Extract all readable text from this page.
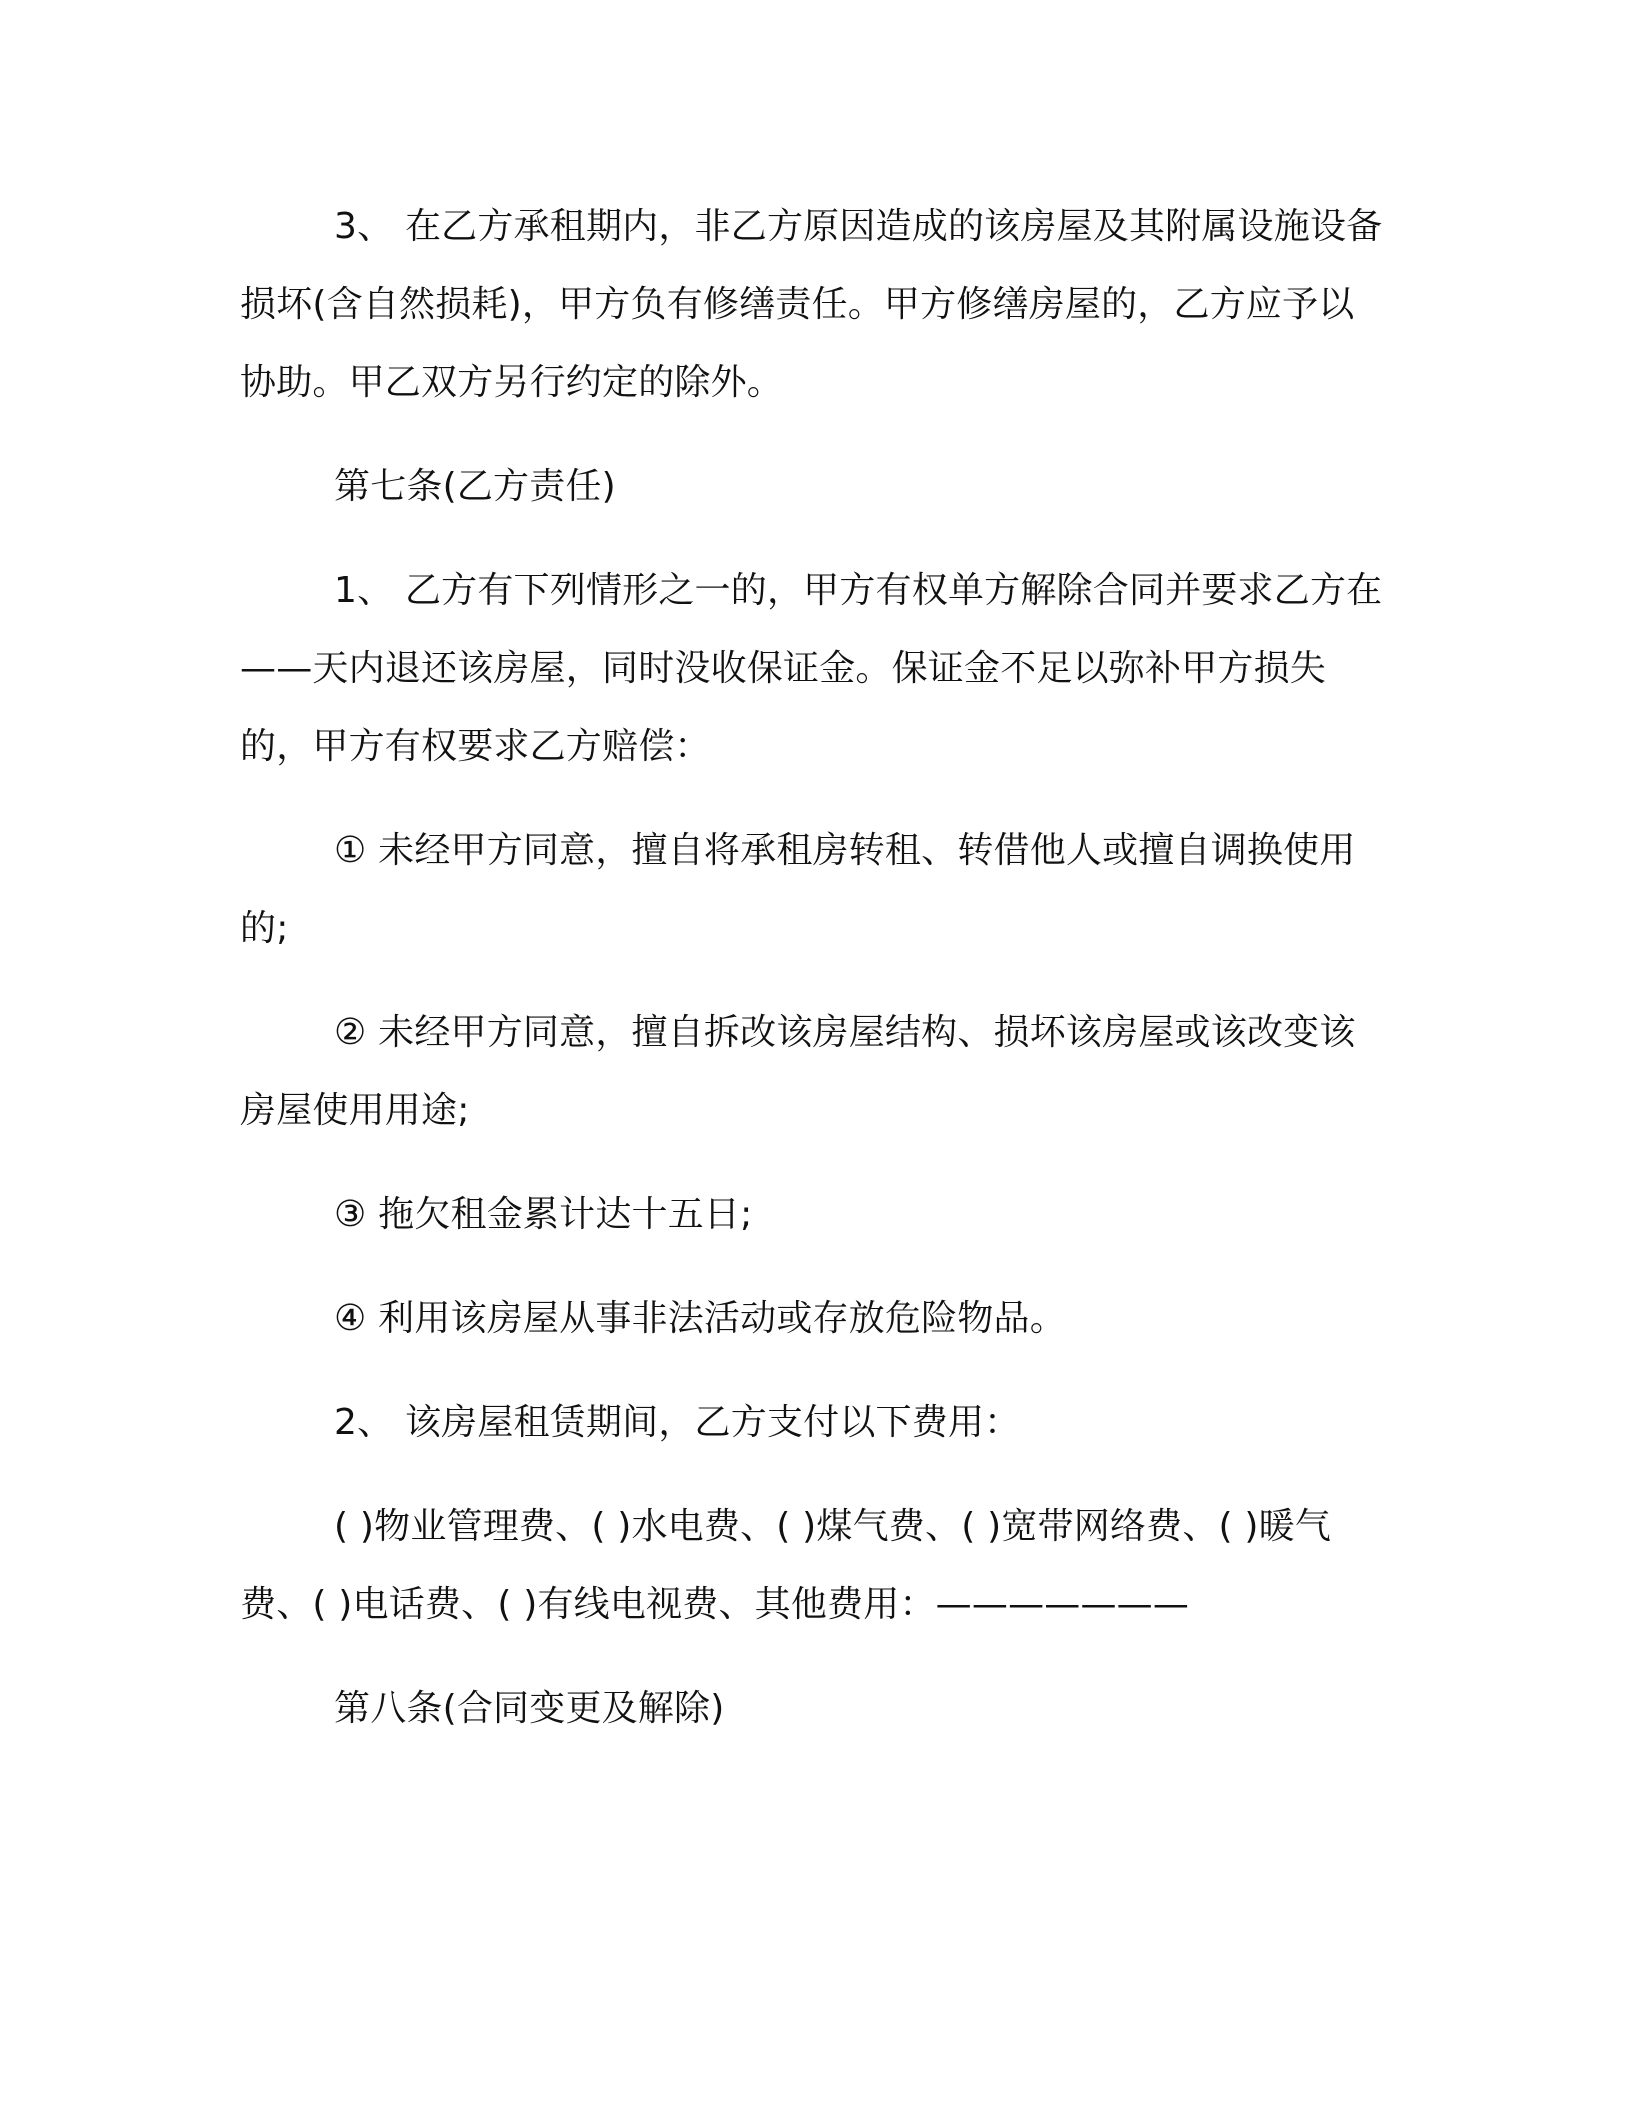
3、 在乙方承租期内，非乙方原因造成的该房屋及其附属设施设备损坏(含自然损耗)，甲方负有修缮责任。甲方修缮房屋的，乙方应予以协助。甲乙双方另行约定的除外。

第七条(乙方责任)

1、 乙方有下列情形之一的，甲方有权单方解除合同并要求乙方在——天内退还该房屋，同时没收保证金。保证金不足以弥补甲方损失的，甲方有权要求乙方赔偿：

① 未经甲方同意，擅自将承租房转租、转借他人或擅自调换使用的;

② 未经甲方同意，擅自拆改该房屋结构、损坏该房屋或该改变该房屋使用用途;

③ 拖欠租金累计达十五日;

④ 利用该房屋从事非法活动或存放危险物品。

2、 该房屋租赁期间，乙方支付以下费用：

( )物业管理费、( )水电费、( )煤气费、( )宽带网络费、( )暖气费、( )电话费、( )有线电视费、其他费用：———————

第八条(合同变更及解除)
